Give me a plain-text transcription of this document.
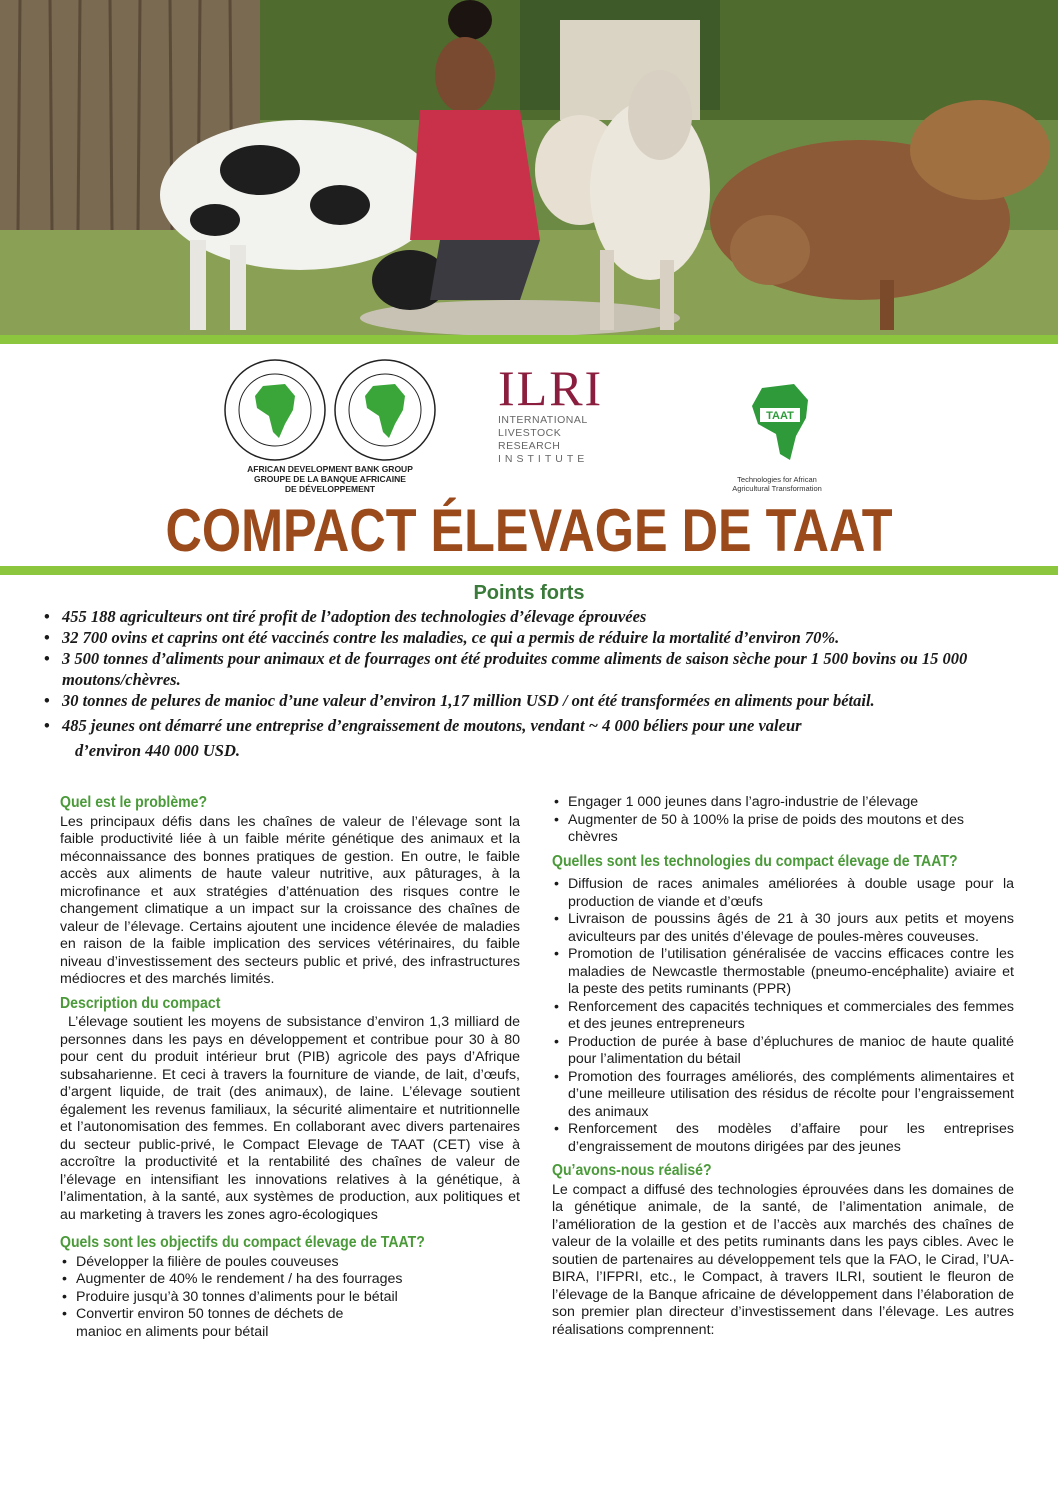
AFRICAN DEVELOPMENT BANK GROUP
GROUPE DE LA BANQUE AFRICAINE
DE DÉVELOPPEMENT
ILRI
INTERNATIONAL
LIVESTOCK RESEARCH
INSTITUTE
TAAT
Technologies for African
Agricultural Transformation
COMPACT ÉLEVAGE DE TAAT
Points forts
• 455 188 agriculteurs ont tiré profit de l’adoption des technologies d’élevage éprouvées
• 32 700 ovins et caprins ont été vaccinés contre les maladies, ce qui a permis de réduire la mortalité d’environ 70%.
• 3 500 tonnes d’aliments pour animaux et de fourrages ont été produites comme aliments de saison sèche pour 1 500 bovins ou 15 000 moutons/chèvres.
• 30 tonnes de pelures de manioc d’une valeur d’environ 1,17 million USD / ont été transformées en aliments pour bétail.
• 485 jeunes ont démarré une entreprise d’engraissement de moutons, vendant ~ 4 000 béliers pour une valeur
d’environ 440 000 USD.
Quel est le problème?

Les principaux défis dans les chaînes de valeur de l’élevage sont la faible productivité liée à un faible mérite génétique des animaux et la méconnaissance des bonnes pratiques de gestion. En outre, le faible accès aux aliments de haute valeur nutritive, aux pâturages, à la microfinance et aux stratégies d’atténuation des risques contre le changement climatique a un impact sur la croissance des chaînes de valeur de l’élevage. Certains ajoutent une incidence élevée de maladies en raison de la faible implication des services vétérinaires, du faible niveau d’investissement des secteurs public et privé, des infrastructures médiocres et des marchés limités.

Description du compact

L’élevage soutient les moyens de subsistance d’environ 1,3 milliard de personnes dans les pays en développement et contribue pour 30 à 80 pour cent du produit intérieur brut (PIB) agricole des pays d’Afrique subsaharienne. Et ceci à travers la fourniture de viande, de lait, d’œufs, d’argent liquide, de trait (des animaux), de laine. L’élevage soutient également les revenus familiaux, la sécurité alimentaire et nutritionnelle et l’autonomisation des femmes. En collaborant avec divers partenaires du secteur public-privé, le Compact Elevage de TAAT (CET) vise à accroître la productivité et la rentabilité des chaînes de valeur de l’élevage en intensifiant les innovations relatives à la génétique, à l’alimentation, à la santé, aux systèmes de production, aux politiques et au marketing à travers les zones agro-écologiques

Quels sont les objectifs du compact élevage de TAAT?
• Développer la filière de poules couveuses
• Augmenter de 40% le rendement / ha des fourrages
• Produire jusqu’à 30 tonnes d’aliments pour le bétail
• Convertir environ 50 tonnes de déchets de manioc en aliments pour bétail
• Engager 1 000 jeunes dans l’agro-industrie de l’élevage
• Augmenter de 50 à 100% la prise de poids des moutons et des chèvres
Quelles sont les technologies du compact élevage de TAAT?
• Diffusion de races animales améliorées à double usage pour la production de viande et d’œufs
• Livraison de poussins âgés de 21 à 30 jours aux petits et moyens aviculteurs par des unités d’élevage de poules-mères couveuses.
• Promotion de l’utilisation généralisée de vaccins efficaces contre les maladies de Newcastle thermostable (pneumo-encéphalite) aviaire et la peste des petits ruminants (PPR)
• Renforcement des capacités techniques et commerciales des femmes et des jeunes entrepreneurs
• Production de purée à base d’épluchures de manioc de haute qualité pour l’alimentation du bétail
• Promotion des fourrages améliorés, des compléments alimentaires et d’une meilleure utilisation des résidus de récolte pour l’engraissement des animaux
• Renforcement des modèles d’affaire pour les entreprises d’engraissement de moutons dirigées par des jeunes
Qu’avons-nous réalisé?

Le compact a diffusé des technologies éprouvées dans les domaines de la génétique animale, de la santé, de l’alimentation animale, de l’amélioration de la gestion et de l’accès aux marchés des chaînes de valeur de la volaille et des petits ruminants dans les pays cibles. Avec le soutien de partenaires au développement tels que la FAO, le Cirad, l’UA-BIRA, l’IFPRI, etc., le Compact, à travers ILRI, soutient le fleuron de l’élevage de la Banque africaine de développement dans l’élaboration de son premier plan directeur d’investissement dans l’élevage. Les autres réalisations comprennent:
